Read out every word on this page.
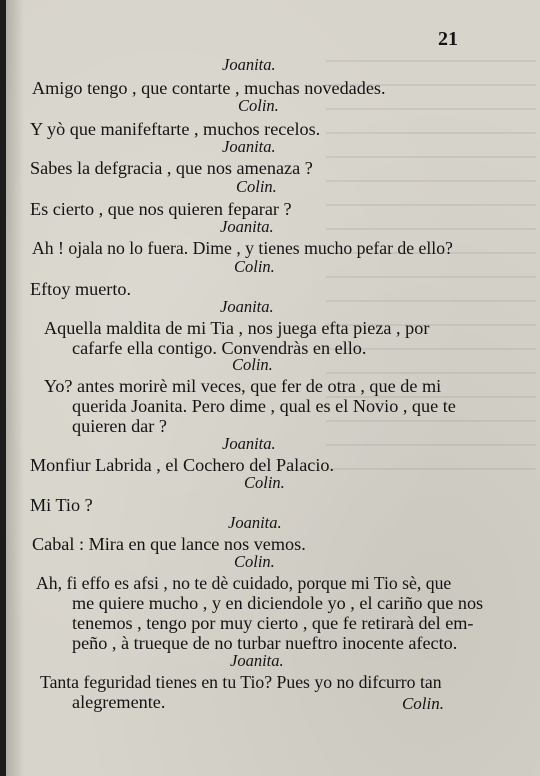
21
Joanita.
Amigo tengo , que contarte , muchas novedades.
Colin.
Y yò que manifeftarte , muchos recelos.
Joanita.
Sabes la defgracia , que nos amenaza ?
Colin.
Es cierto , que nos quieren feparar ?
Joanita.
Ah ! ojala no lo fuera. Dime , y tienes mucho pefar de ello?
Colin.
Eftoy muerto.
Joanita.
Aquella maldita de mi Tia , nos juega efta pieza , por
cafarfe ella contigo. Convendràs en ello.
Colin.
Yo? antes morirè mil veces, que fer de otra , que de mi
querida Joanita. Pero dime , qual es el Novio , que te
quieren dar ?
Joanita.
Monfiur Labrida , el Cochero del Palacio.
Colin.
Mi Tio ?
Joanita.
Cabal : Mira en que lance nos vemos.
Colin.
Ah, fi effo es afsi , no te dè cuidado, porque mi Tio sè, que
me quiere mucho , y en diciendole yo , el cariño que nos
tenemos , tengo por muy cierto , que fe retirarà del em-
peño , à trueque de no turbar nueftro inocente afecto.
Joanita.
Tanta feguridad tienes en tu Tio? Pues yo no difcurro tan
alegremente.	Colin.
